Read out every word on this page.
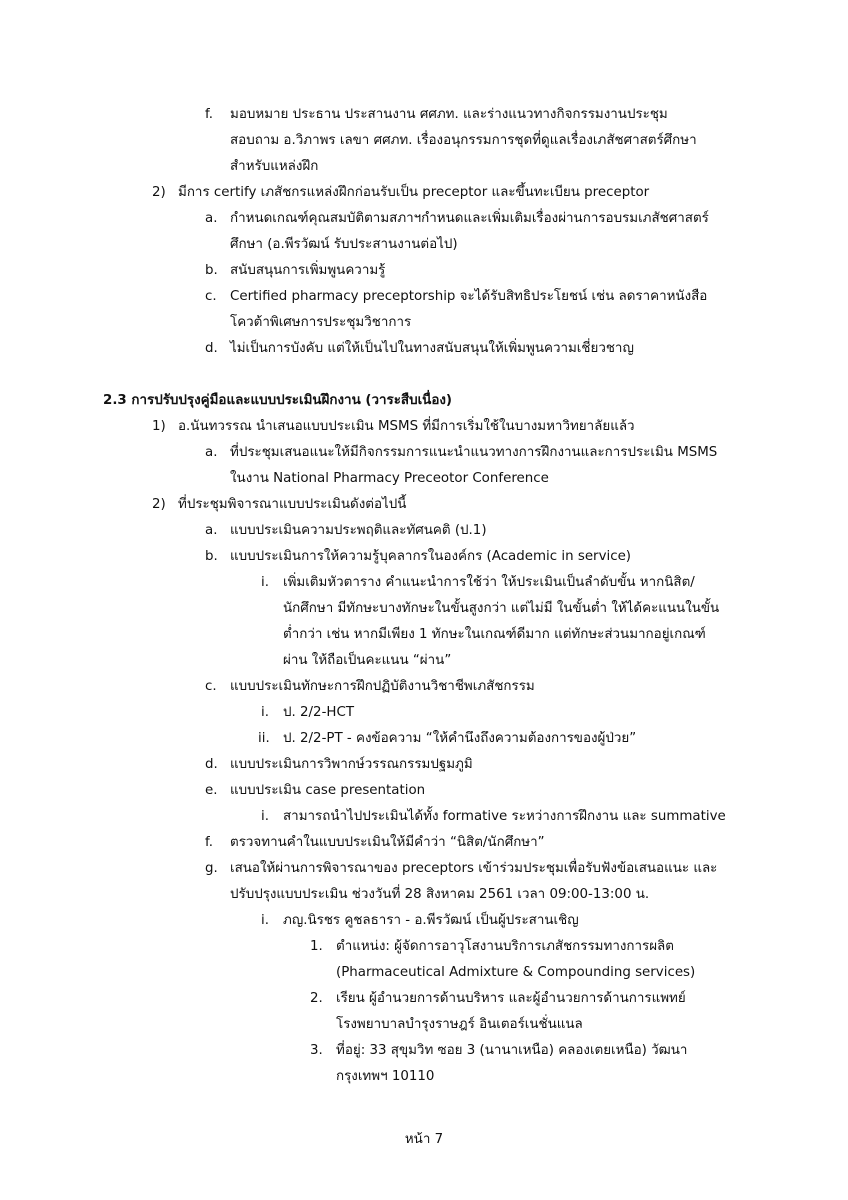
f. มอบหมาย ประธาน ประสานงาน ศศภท. และร่างแนวทางกิจกรรมงานประชุม
สอบถาม อ.วิภาพร เลขา ศศภท. เรื่องอนุกรรมการชุดที่ดูแลเรื่องเภสัชศาสตร์ศึกษา
สำหรับแหล่งฝึก
2) มีการ certify เภสัชกรแหล่งฝึกก่อนรับเป็น preceptor และขึ้นทะเบียน preceptor
a. กำหนดเกณฑ์คุณสมบัติตามสภาฯกำหนดและเพิ่มเติมเรื่องผ่านการอบรมเภสัชศาสตร์
ศึกษา (อ.พีรวัฒน์ รับประสานงานต่อไป)
b. สนับสนุนการเพิ่มพูนความรู้
c. Certified pharmacy preceptorship จะได้รับสิทธิประโยชน์ เช่น ลดราคาหนังสือ
โควต้าพิเศษการประชุมวิชาการ
d. ไม่เป็นการบังคับ แต่ให้เป็นไปในทางสนับสนุนให้เพิ่มพูนความเชี่ยวชาญ
2.3 การปรับปรุงคู่มือและแบบประเมินฝึกงาน (วาระสืบเนื่อง)
1) อ.นันทวรรณ นำเสนอแบบประเมิน MSMS ที่มีการเริ่มใช้ในบางมหาวิทยาลัยแล้ว
a. ที่ประชุมเสนอแนะให้มีกิจกรรมการแนะนำแนวทางการฝึกงานและการประเมิน MSMS
ในงาน National Pharmacy Preceotor Conference
2) ที่ประชุมพิจารณาแบบประเมินดังต่อไปนี้
a. แบบประเมินความประพฤติและทัศนคติ (ป.1)
b. แบบประเมินการให้ความรู้บุคลากรในองค์กร (Academic in service)
i. เพิ่มเติมหัวตาราง คำแนะนำการใช้ว่า ให้ประเมินเป็นลำดับขั้น หากนิสิต/
นักศึกษา มีทักษะบางทักษะในขั้นสูงกว่า แต่ไม่มี ในขั้นต่ำ ให้ได้คะแนนในขั้น
ต่ำกว่า เช่น หากมีเพียง 1 ทักษะในเกณฑ์ดีมาก แต่ทักษะส่วนมากอยู่เกณฑ์
ผ่าน ให้ถือเป็นคะแนน “ผ่าน”
c. แบบประเมินทักษะการฝึกปฏิบัติงานวิชาชีพเภสัชกรรม
i. ป. 2/2-HCT
ii. ป. 2/2-PT - คงข้อความ “ให้คำนึงถึงความต้องการของผู้ป่วย”
d. แบบประเมินการวิพากษ์วรรณกรรมปฐมภูมิ
e. แบบประเมิน case presentation
i. สามารถนำไปประเมินได้ทั้ง formative ระหว่างการฝึกงาน และ summative
f. ตรวจทานคำในแบบประเมินให้มีคำว่า “นิสิต/นักศึกษา”
g. เสนอให้ผ่านการพิจารณาของ preceptors เข้าร่วมประชุมเพื่อรับฟังข้อเสนอแนะ และ
ปรับปรุงแบบประเมิน ช่วงวันที่ 28 สิงหาคม 2561 เวลา 09:00-13:00 น.
i. ภญ.นิรชร คูชลธารา - อ.พีรวัฒน์ เป็นผู้ประสานเชิญ
1. ตำแหน่ง: ผู้จัดการอาวุโสงานบริการเภสัชกรรมทางการผลิต
(Pharmaceutical Admixture & Compounding services)
2. เรียน ผู้อำนวยการด้านบริหาร และผู้อำนวยการด้านการแพทย์
โรงพยาบาลบำรุงราษฎร์ อินเตอร์เนชั่นแนล
3. ที่อยู่: 33 สุขุมวิท ซอย 3 (นานาเหนือ) คลองเตยเหนือ) วัฒนา
กรุงเทพฯ 10110
หน้า 7
